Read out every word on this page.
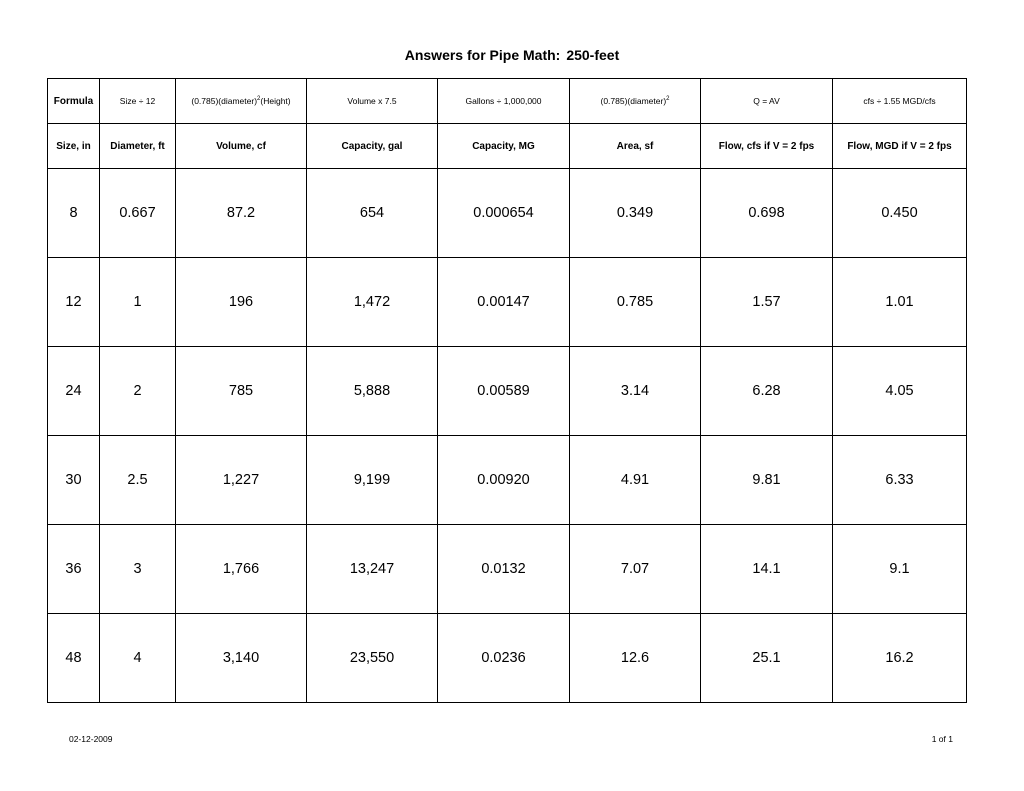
Answers for Pipe Math: 250-feet
Formula	Size ÷ 12	(0.785)(diameter)$^2$(Height)	Volume x 7.5	Gallons ÷ 1,000,000	(0.785)(diameter)$^2$	Q = AV	cfs ÷ 1.55 MGD/cfs
Size, in	Diameter, ft	Volume, cf	Capacity, gal	Capacity, MG	Area, sf	Flow, cfs if V = 2 fps	Flow, MGD if V = 2 fps
8	0.667	87.2	654	0.000654	0.349	0.698	0.450
12	1	196	1,472	0.00147	0.785	1.57	1.01
24	2	785	5,888	0.00589	3.14	6.28	4.05
30	2.5	1,227	9,199	0.00920	4.91	9.81	6.33
36	3	1,766	13,247	0.0132	7.07	14.1	9.1
48	4	3,140	23,550	0.0236	12.6	25.1	16.2
02-12-2009	1 of 1
